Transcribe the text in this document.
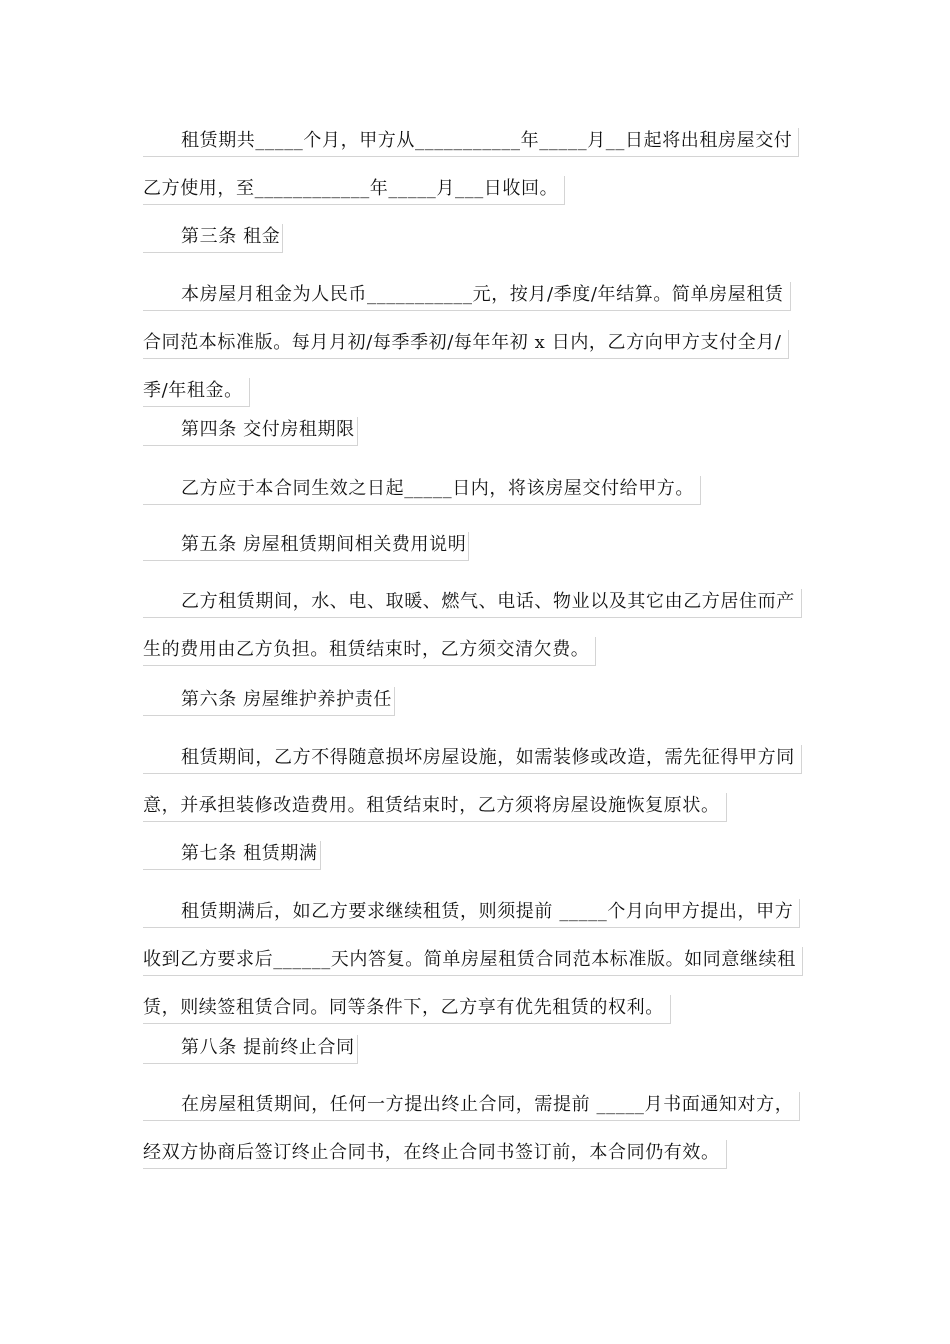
租赁期共_____个月，甲方从___________年_____月__日起将出租房屋交付
乙方使用，至____________年_____月___日收回。
第三条 租金
本房屋月租金为人民币___________元，按月/季度/年结算。简单房屋租赁
合同范本标准版。每月月初/每季季初/每年年初 x 日内，乙方向甲方支付全月/
季/年租金。
第四条 交付房租期限
乙方应于本合同生效之日起_____日内，将该房屋交付给甲方。
第五条 房屋租赁期间相关费用说明
乙方租赁期间，水、电、取暖、燃气、电话、物业以及其它由乙方居住而产
生的费用由乙方负担。租赁结束时，乙方须交清欠费。
第六条 房屋维护养护责任
租赁期间，乙方不得随意损坏房屋设施，如需装修或改造，需先征得甲方同
意，并承担装修改造费用。租赁结束时，乙方须将房屋设施恢复原状。
第七条 租赁期满
租赁期满后，如乙方要求继续租赁，则须提前 _____个月向甲方提出，甲方
收到乙方要求后______天内答复。简单房屋租赁合同范本标准版。如同意继续租
赁，则续签租赁合同。同等条件下，乙方享有优先租赁的权利。
第八条 提前终止合同
在房屋租赁期间，任何一方提出终止合同，需提前 _____月书面通知对方，
经双方协商后签订终止合同书，在终止合同书签订前，本合同仍有效。
